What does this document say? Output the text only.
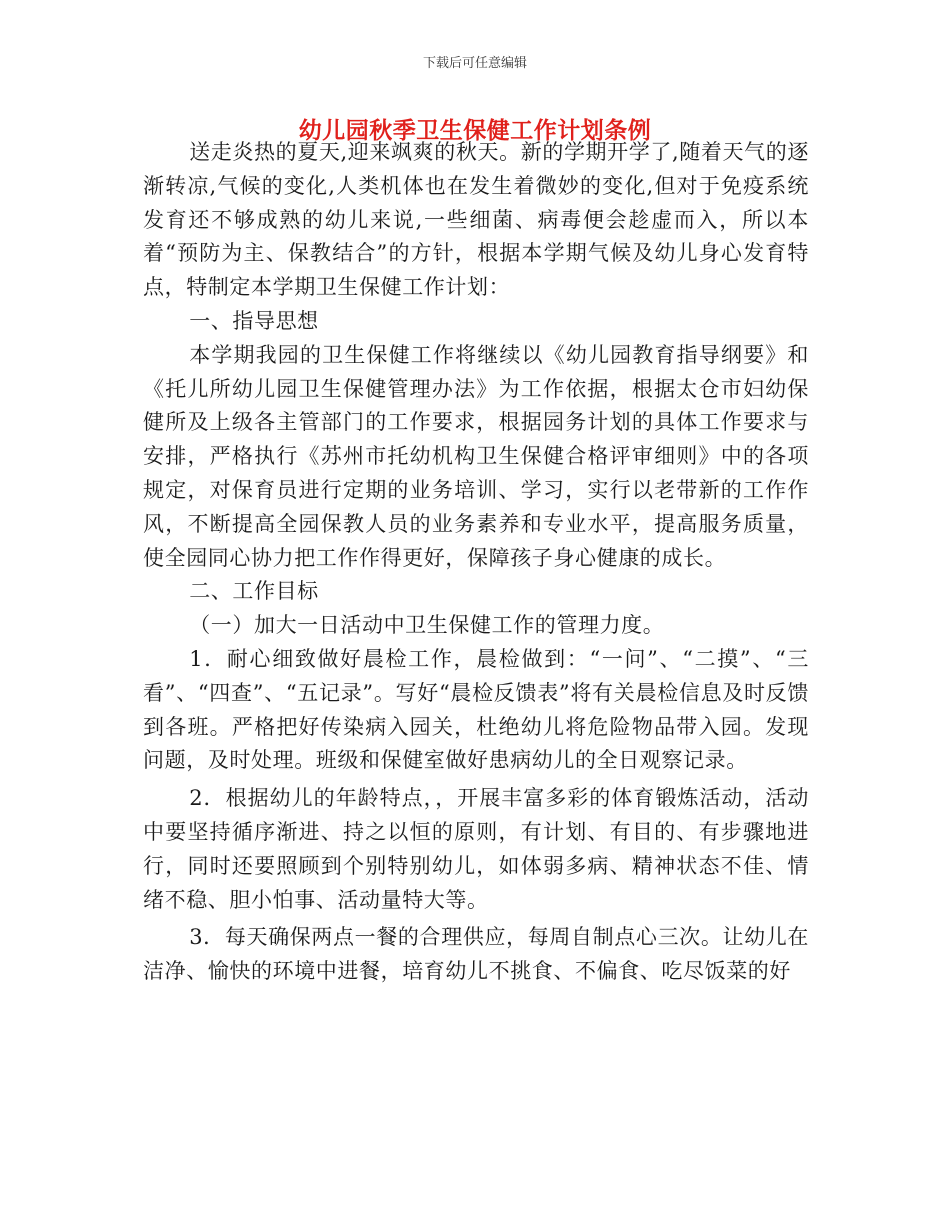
下载后可任意编辑
幼儿园秋季卫生保健工作计划条例

送走炎热的夏天,迎来飒爽的秋天。新的学期开学了,随着天气的逐渐转凉,气候的变化,人类机体也在发生着微妙的变化,但对于免疫系统发育还不够成熟的幼儿来说,一些细菌、病毒便会趁虚而入，所以本着“预防为主、保教结合”的方针，根据本学期气候及幼儿身心发育特点，特制定本学期卫生保健工作计划：

一、指导思想

本学期我园的卫生保健工作将继续以《幼儿园教育指导纲要》和《托儿所幼儿园卫生保健管理办法》为工作依据，根据太仓市妇幼保健所及上级各主管部门的工作要求，根据园务计划的具体工作要求与安排，严格执行《苏州市托幼机构卫生保健合格评审细则》中的各项规定，对保育员进行定期的业务培训、学习，实行以老带新的工作作风，不断提高全园保教人员的业务素养和专业水平，提高服务质量，使全园同心协力把工作作得更好，保障孩子身心健康的成长。

二、工作目标

（一）加大一日活动中卫生保健工作的管理力度。

1．耐心细致做好晨检工作，晨检做到：“一问”、“二摸”、“三看”、“四查”、“五记录”。写好“晨检反馈表”将有关晨检信息及时反馈到各班。严格把好传染病入园关，杜绝幼儿将危险物品带入园。发现问题，及时处理。班级和保健室做好患病幼儿的全日观察记录。

2．根据幼儿的年龄特点，，开展丰富多彩的体育锻炼活动，活动中要坚持循序渐进、持之以恒的原则，有计划、有目的、有步骤地进行，同时还要照顾到个别特别幼儿，如体弱多病、精神状态不佳、情绪不稳、胆小怕事、活动量特大等。

3．每天确保两点一餐的合理供应，每周自制点心三次。让幼儿在洁净、愉快的环境中进餐，培育幼儿不挑食、不偏食、吃尽饭菜的好
